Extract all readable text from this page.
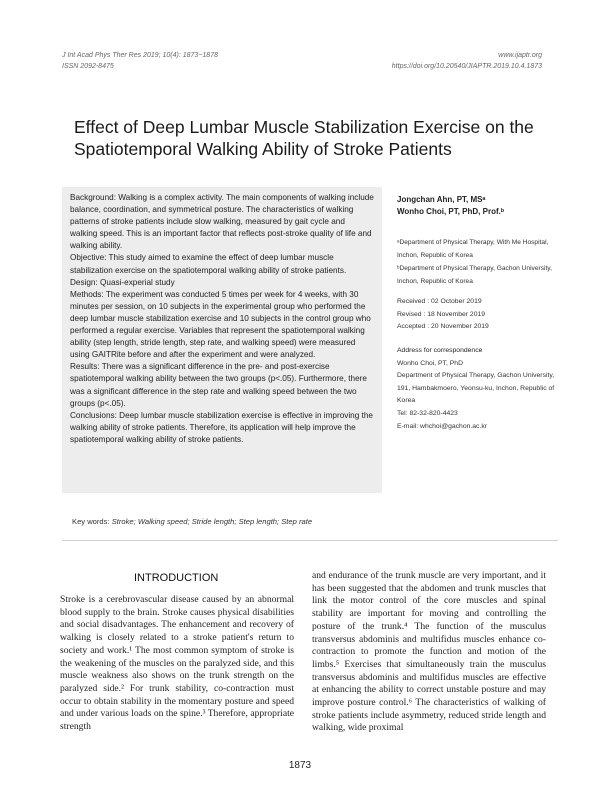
J Int Acad Phys Ther Res 2019; 10(4): 1873~1878
ISSN 2092-8475
www.ijaptr.org
https://doi.org/10.20540/JIAPTR.2019.10.4.1873
Effect of Deep Lumbar Muscle Stabilization Exercise on the Spatiotemporal Walking Ability of Stroke Patients

Background: Walking is a complex activity. The main components of walking include balance, coordination, and symmetrical posture. The characteristics of walking patterns of stroke patients include slow walking, measured by gait cycle and walking speed. This is an important factor that reflects post-stroke quality of life and walking ability.

Objective: This study aimed to examine the effect of deep lumbar muscle stabilization exercise on the spatiotemporal walking ability of stroke patients.

Design: Quasi-experial study

Methods: The experiment was conducted 5 times per week for 4 weeks, with 30 minutes per session, on 10 subjects in the experimental group who performed the deep lumbar muscle stabilization exercise and 10 subjects in the control group who performed a regular exercise. Variables that represent the spatiotemporal walking ability (step length, stride length, step rate, and walking speed) were measured using GAITRite before and after the experiment and were analyzed.

Results: There was a significant difference in the pre- and post-exercise spatiotemporal walking ability between the two groups (p<.05). Furthermore, there was a significant difference in the step rate and walking speed between the two groups (p<.05).

Conclusions: Deep lumbar muscle stabilization exercise is effective in improving the walking ability of stroke patients. Therefore, its application will help improve the spatiotemporal walking ability of stroke patients.

Jongchan Ahn, PT, MSᵃ
Wonho Choi, PT, PhD, Prof.ᵇ

ᵃDepartment of Physical Therapy, With Me Hospital, Inchon, Republic of Korea

ᵇDepartment of Physical Therapy, Gachon University, Inchon, Republic of Korea

Received : 02 October 2019
Revised : 18 November 2019
Accepted : 20 November 2019
Address for correspondence
Wonho Choi, PT, PhD
Department of Physical Therapy, Gachon University, 191, Hambakmoero, Yeonsu-ku, Inchon, Republic of Korea
Tel: 82-32-820-4423
E-mail: whchoi@gachon.ac.kr
Key words: Stroke; Walking speed; Stride length; Step length; Step rate
INTRODUCTION
Stroke is a cerebrovascular disease caused by an abnormal blood supply to the brain. Stroke causes physical disabilities and social disadvantages. The enhancement and recovery of walking is closely related to a stroke patient's return to society and work.¹ The most common symptom of stroke is the weakening of the muscles on the paralyzed side, and this muscle weakness also shows on the trunk strength on the paralyzed side.² For trunk stability, co-contraction must occur to obtain stability in the momentary posture and speed and under various loads on the spine.³ Therefore, appropriate strength
and endurance of the trunk muscle are very important, and it has been suggested that the abdomen and trunk muscles that link the motor control of the core muscles and spinal stability are important for moving and controlling the posture of the trunk.⁴ The function of the musculus transversus abdominis and multifidus muscles enhance co-contraction to promote the function and motion of the limbs.⁵ Exercises that simultaneously train the musculus transversus abdominis and multifidus muscles are effective at enhancing the ability to correct unstable posture and may improve posture control.⁶ The characteristics of walking of stroke patients include asymmetry, reduced stride length and walking, wide proximal
1873
